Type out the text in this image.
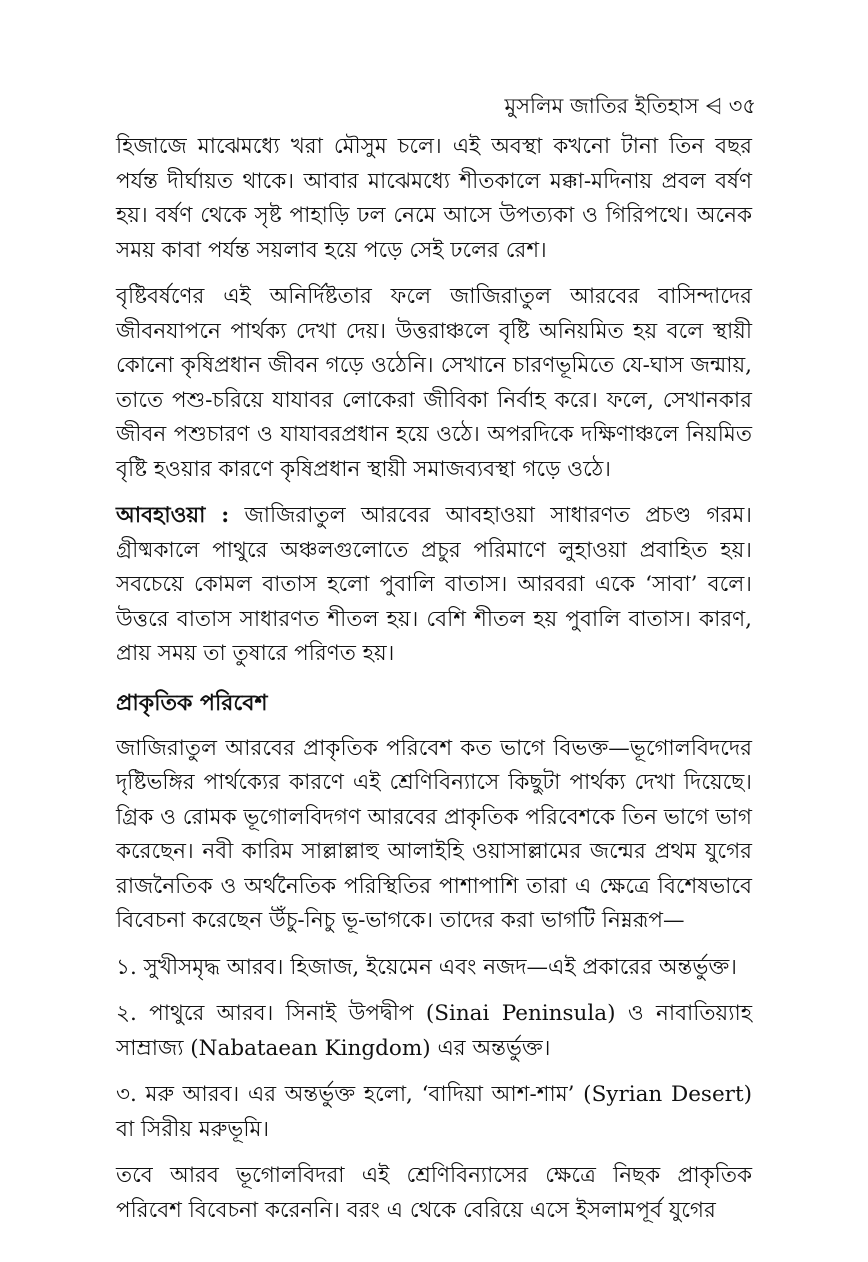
মুসলিম জাতির ইতিহাস ⩤ ৩৫

হিজাজে মাঝেমধ্যে খরা মৌসুম চলে। এই অবস্থা কখনো টানা তিন বছর পর্যন্ত দীর্ঘায়ত থাকে। আবার মাঝেমধ্যে শীতকালে মক্কা-মদিনায় প্রবল বর্ষণ হয়। বর্ষণ থেকে সৃষ্ট পাহাড়ি ঢল নেমে আসে উপত্যকা ও গিরিপথে। অনেক সময় কাবা পর্যন্ত সয়লাব হয়ে পড়ে সেই ঢলের রেশ।

বৃষ্টিবর্ষণের এই অনির্দিষ্টতার ফলে জাজিরাতুল আরবের বাসিন্দাদের জীবনযাপনে পার্থক্য দেখা দেয়। উত্তরাঞ্চলে বৃষ্টি অনিয়মিত হয় বলে স্থায়ী কোনো কৃষিপ্রধান জীবন গড়ে ওঠেনি। সেখানে চারণভূমিতে যে-ঘাস জন্মায়, তাতে পশু-চরিয়ে যাযাবর লোকেরা জীবিকা নির্বাহ করে। ফলে, সেখানকার জীবন পশুচারণ ও যাযাবরপ্রধান হয়ে ওঠে। অপরদিকে দক্ষিণাঞ্চলে নিয়মিত বৃষ্টি হওয়ার কারণে কৃষিপ্রধান স্থায়ী সমাজব্যবস্থা গড়ে ওঠে।

আবহাওয়া : জাজিরাতুল আরবের আবহাওয়া সাধারণত প্রচণ্ড গরম। গ্রীষ্মকালে পাথুরে অঞ্চলগুলোতে প্রচুর পরিমাণে লুহাওয়া প্রবাহিত হয়। সবচেয়ে কোমল বাতাস হলো পুবালি বাতাস। আরবরা একে ‘সাবা’ বলে। উত্তরে বাতাস সাধারণত শীতল হয়। বেশি শীতল হয় পুবালি বাতাস। কারণ, প্রায় সময় তা তুষারে পরিণত হয়।

প্রাকৃতিক পরিবেশ

জাজিরাতুল আরবের প্রাকৃতিক পরিবেশ কত ভাগে বিভক্ত—ভূগোলবিদদের দৃষ্টিভঙ্গির পার্থক্যের কারণে এই শ্রেণিবিন্যাসে কিছুটা পার্থক্য দেখা দিয়েছে। গ্রিক ও রোমক ভূগোলবিদগণ আরবের প্রাকৃতিক পরিবেশকে তিন ভাগে ভাগ করেছেন। নবী কারিম সাল্লাল্লাহু আলাইহি ওয়াসাল্লামের জন্মের প্রথম যুগের রাজনৈতিক ও অর্থনৈতিক পরিস্থিতির পাশাপাশি তারা এ ক্ষেত্রে বিশেষভাবে বিবেচনা করেছেন উঁচু-নিচু ভূ-ভাগকে। তাদের করা ভাগটি নিম্নরূপ—

১. সুখীসমৃদ্ধ আরব। হিজাজ, ইয়েমেন এবং নজদ—এই প্রকারের অন্তর্ভুক্ত।

২. পাথুরে আরব। সিনাই উপদ্বীপ (Sinai Peninsula) ও নাবাতিয়্যাহ সাম্রাজ্য (Nabataean Kingdom) এর অন্তর্ভুক্ত।

৩. মরু আরব। এর অন্তর্ভুক্ত হলো, ‘বাদিয়া আশ-শাম’ (Syrian Desert) বা সিরীয় মরুভূমি।

তবে আরব ভূগোলবিদরা এই শ্রেণিবিন্যাসের ক্ষেত্রে নিছক প্রাকৃতিক পরিবেশ বিবেচনা করেননি। বরং এ থেকে বেরিয়ে এসে ইসলামপূর্ব যুগের
